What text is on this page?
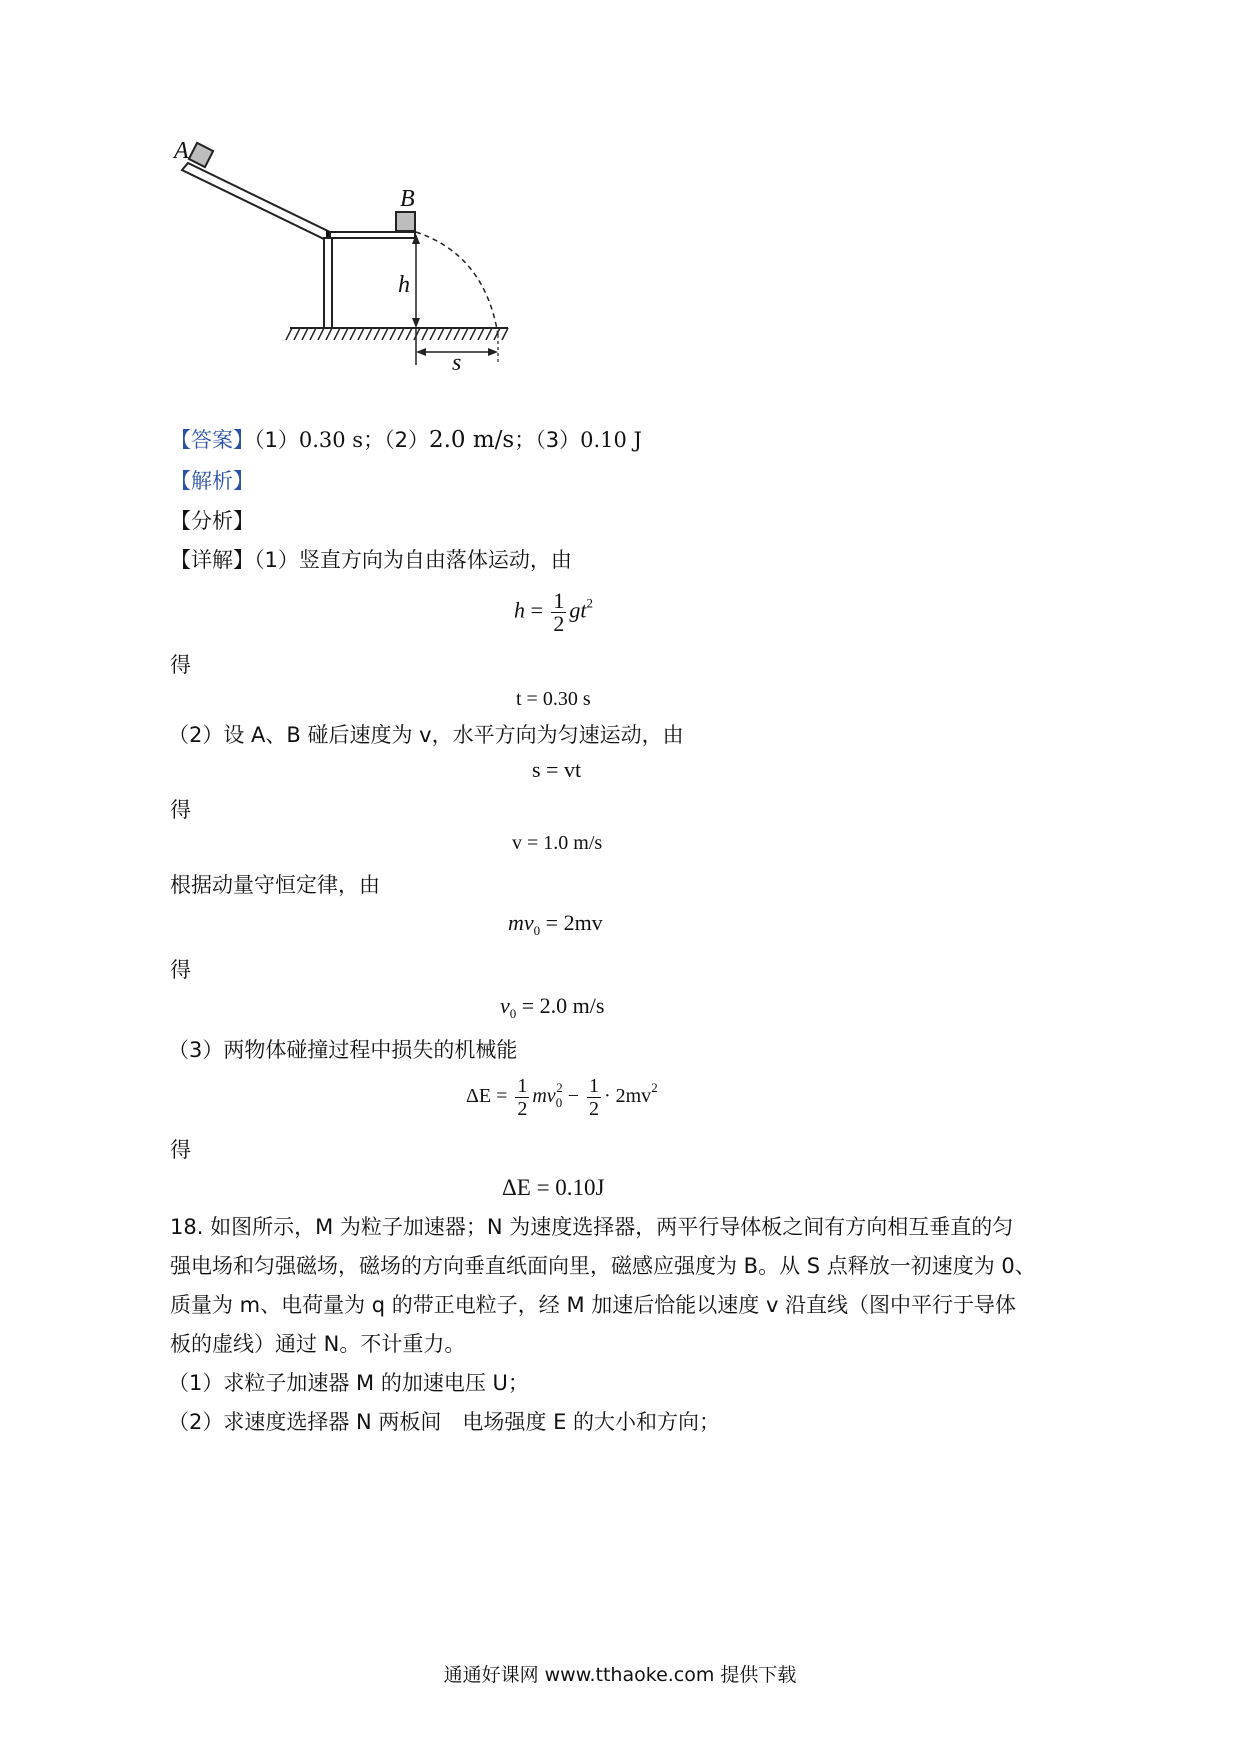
A
B
h
s
【答案】（1）0.30 s；（2）2.0 m/s；（3）0.10 J
【解析】
【分析】
【详解】（1）竖直方向为自由落体运动，由
$h = \frac{1}{2} gt^2$
得
t = 0.30 s
（2）设 A、B 碰后速度为 v，水平方向为匀速运动，由
s = vt
得
v = 1.0 m/s
根据动量守恒定律，由
$mv_0 = 2mv$
得
$v_0 = 2.0$ m/s
（3）两物体碰撞过程中损失的机械能
$\Delta E = \frac{1}{2} mv_0^2 - \frac{1}{2} \cdot 2mv^2$
得
ΔE = 0.10J
18. 如图所示，M 为粒子加速器；N 为速度选择器，两平行导体板之间有方向相互垂直的匀
强电场和匀强磁场，磁场的方向垂直纸面向里，磁感应强度为 B。从 S 点释放一初速度为 0、
质量为 m、电荷量为 q 的带正电粒子，经 M 加速后恰能以速度 v 沿直线（图中平行于导体
板的虚线）通过 N。不计重力。
（1）求粒子加速器 M 的加速电压 U；
（2）求速度选择器 N 两板间　电场强度 E 的大小和方向；
通通好课网 www.tthaoke.com 提供下载
